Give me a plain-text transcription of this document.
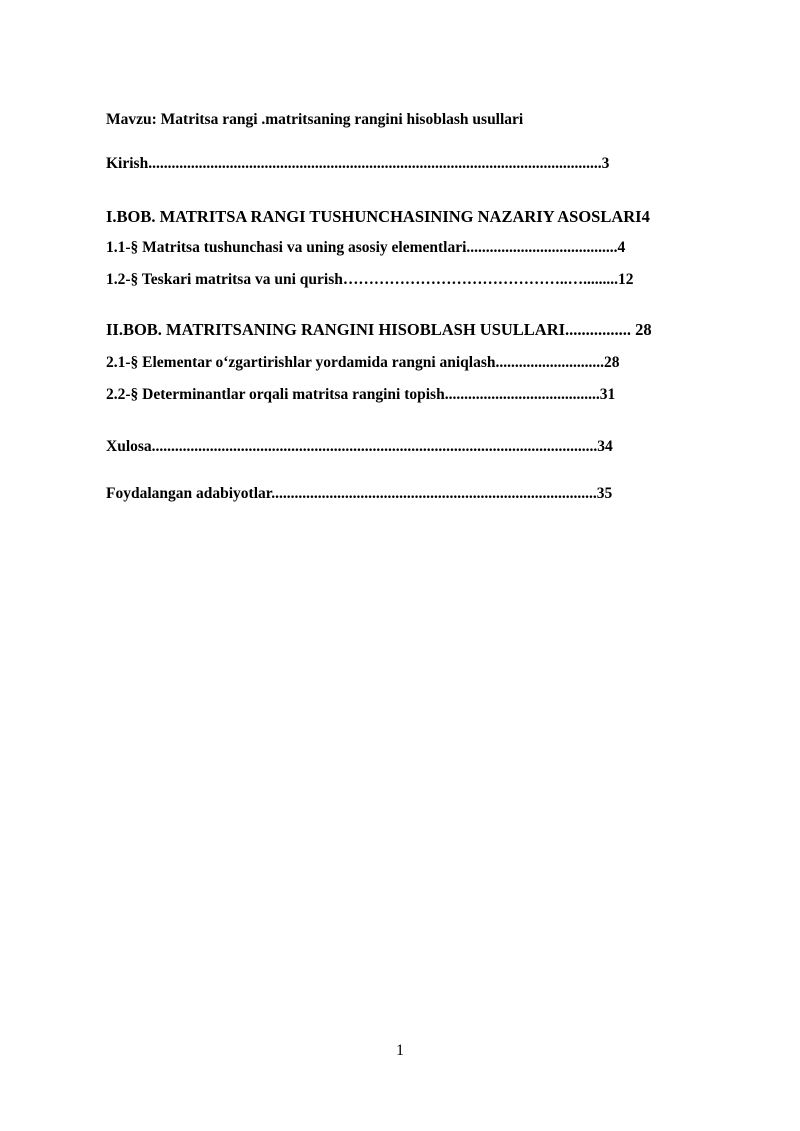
Mavzu: Matritsa rangi .matritsaning rangini hisoblash usullari
Kirish.....................................................................................................................3
I.BOB. MATRITSA RANGI TUSHUNCHASINING NAZARIY ASOSLARI4
1.1-§ Matritsa tushunchasi va uning asosiy elementlari.......................................4
1.2-§ Teskari matritsa va uni qurish……………………………………..….........12
II.BOB. MATRITSANING RANGINI HISOBLASH USULLARI................ 28
2.1-§ Elementar o‘zgartirishlar yordamida rangni aniqlash............................28
2.2-§ Determinantlar orqali matritsa rangini topish........................................31
Xulosa...................................................................................................................34
Foydalangan adabiyotlar....................................................................................35
1
